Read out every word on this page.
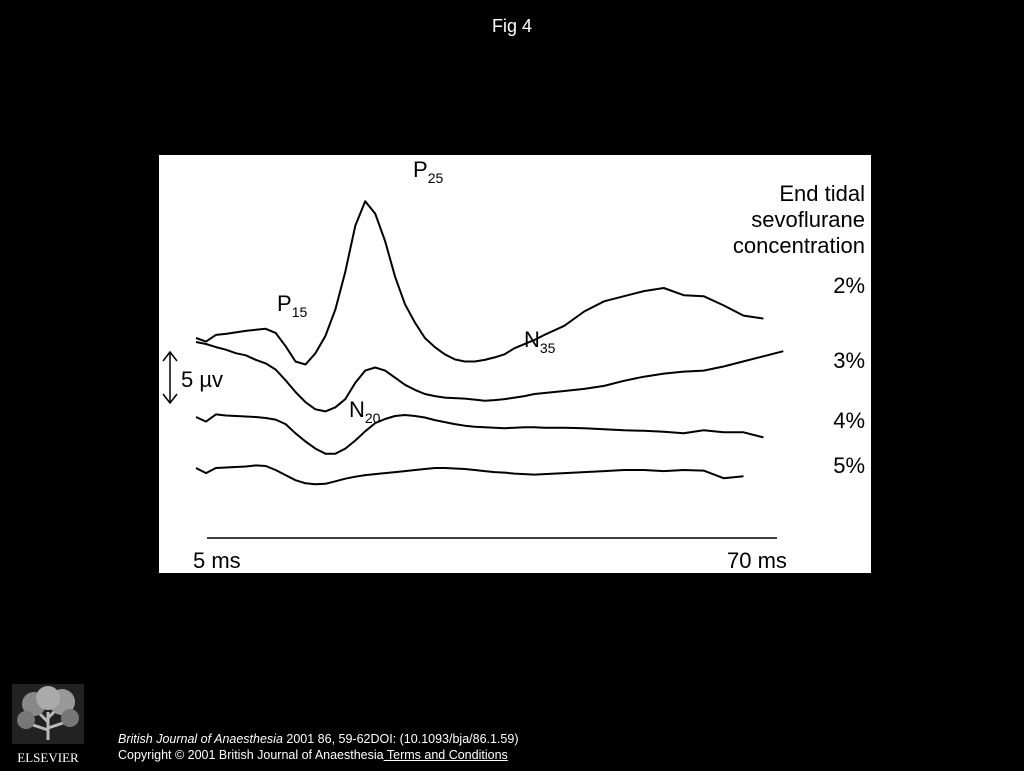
Fig 4
$P_{15}$
$P_{25}$
$N_{35}$
$N_{20}$
End tidal
sevoflurane
concentration
2%
3%
4%
5%
5 µv
5 ms	70 ms
ELSEVIER
British Journal of Anaesthesia 2001 86, 59-62DOI: (10.1093/bja/86.1.59)
Copyright © 2001 British Journal of Anaesthesia Terms and Conditions
